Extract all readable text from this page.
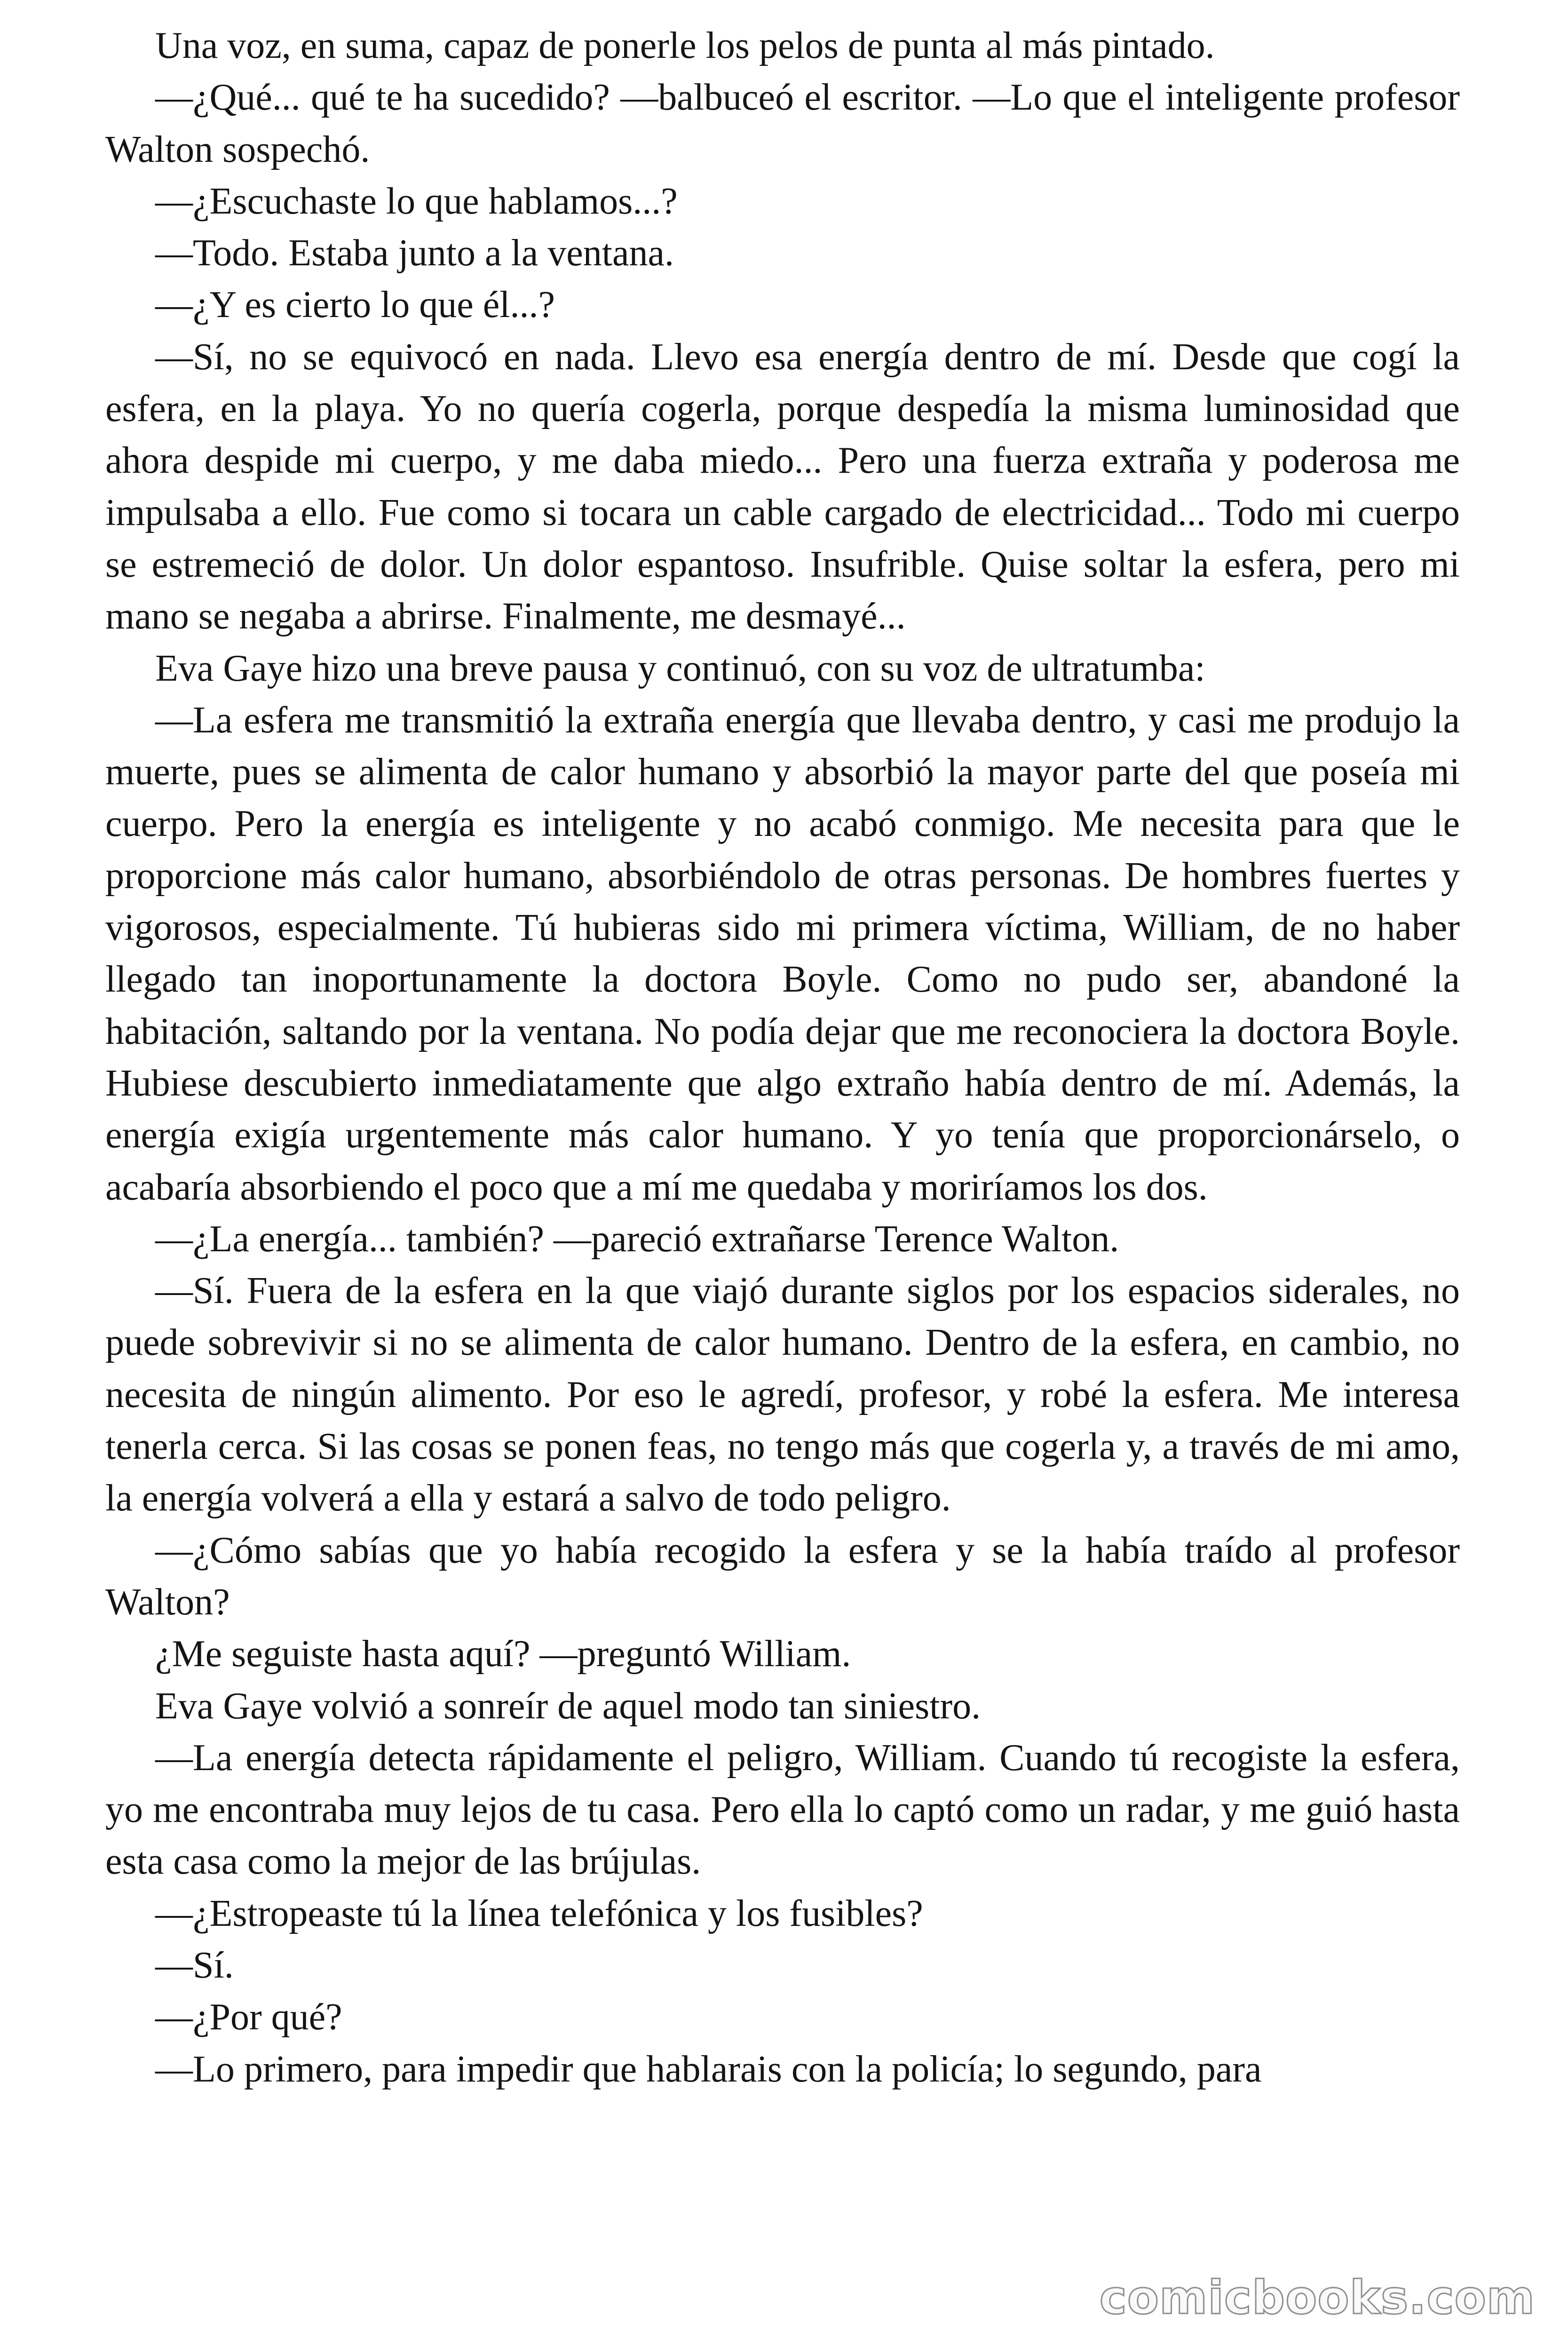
Una voz, en suma, capaz de ponerle los pelos de punta al más pintado.

—¿Qué... qué te ha sucedido? —balbuceó el escritor. —Lo que el inteligente profesor Walton sospechó.

—¿Escuchaste lo que hablamos...?

—Todo. Estaba junto a la ventana.

—¿Y es cierto lo que él...?

—Sí, no se equivocó en nada. Llevo esa energía dentro de mí. Desde que cogí la esfera, en la playa. Yo no quería cogerla, porque despedía la misma luminosidad que ahora despide mi cuerpo, y me daba miedo... Pero una fuerza extraña y poderosa me impulsaba a ello. Fue como si tocara un cable cargado de electricidad... Todo mi cuerpo se estremeció de dolor. Un dolor espantoso. Insufrible. Quise soltar la esfera, pero mi mano se negaba a abrirse. Finalmente, me desmayé...

Eva Gaye hizo una breve pausa y continuó, con su voz de ultratumba:

—La esfera me transmitió la extraña energía que llevaba dentro, y casi me produjo la muerte, pues se alimenta de calor humano y absorbió la mayor parte del que poseía mi cuerpo. Pero la energía es inteligente y no acabó conmigo. Me necesita para que le proporcione más calor humano, absorbiéndolo de otras personas. De hombres fuertes y vigorosos, especialmente. Tú hubieras sido mi primera víctima, William, de no haber llegado tan inoportunamente la doctora Boyle. Como no pudo ser, abandoné la habitación, saltando por la ventana. No podía dejar que me reconociera la doctora Boyle. Hubiese descubierto inmediatamente que algo extraño había dentro de mí. Además, la energía exigía urgentemente más calor humano. Y yo tenía que proporcionárselo, o acabaría absorbiendo el poco que a mí me quedaba y moriríamos los dos.

—¿La energía... también? —pareció extrañarse Terence Walton.

—Sí. Fuera de la esfera en la que viajó durante siglos por los espacios siderales, no puede sobrevivir si no se alimenta de calor humano. Dentro de la esfera, en cambio, no necesita de ningún alimento. Por eso le agredí, profesor, y robé la esfera. Me interesa tenerla cerca. Si las cosas se ponen feas, no tengo más que cogerla y, a través de mi amo, la energía volverá a ella y estará a salvo de todo peligro.

—¿Cómo sabías que yo había recogido la esfera y se la había traído al profesor Walton?

¿Me seguiste hasta aquí? —preguntó William.

Eva Gaye volvió a sonreír de aquel modo tan siniestro.

—La energía detecta rápidamente el peligro, William. Cuando tú recogiste la esfera, yo me encontraba muy lejos de tu casa. Pero ella lo captó como un radar, y me guió hasta esta casa como la mejor de las brújulas.

—¿Estropeaste tú la línea telefónica y los fusibles?

—Sí.

—¿Por qué?

—Lo primero, para impedir que hablarais con la policía; lo segundo, para

comicbooks.com
